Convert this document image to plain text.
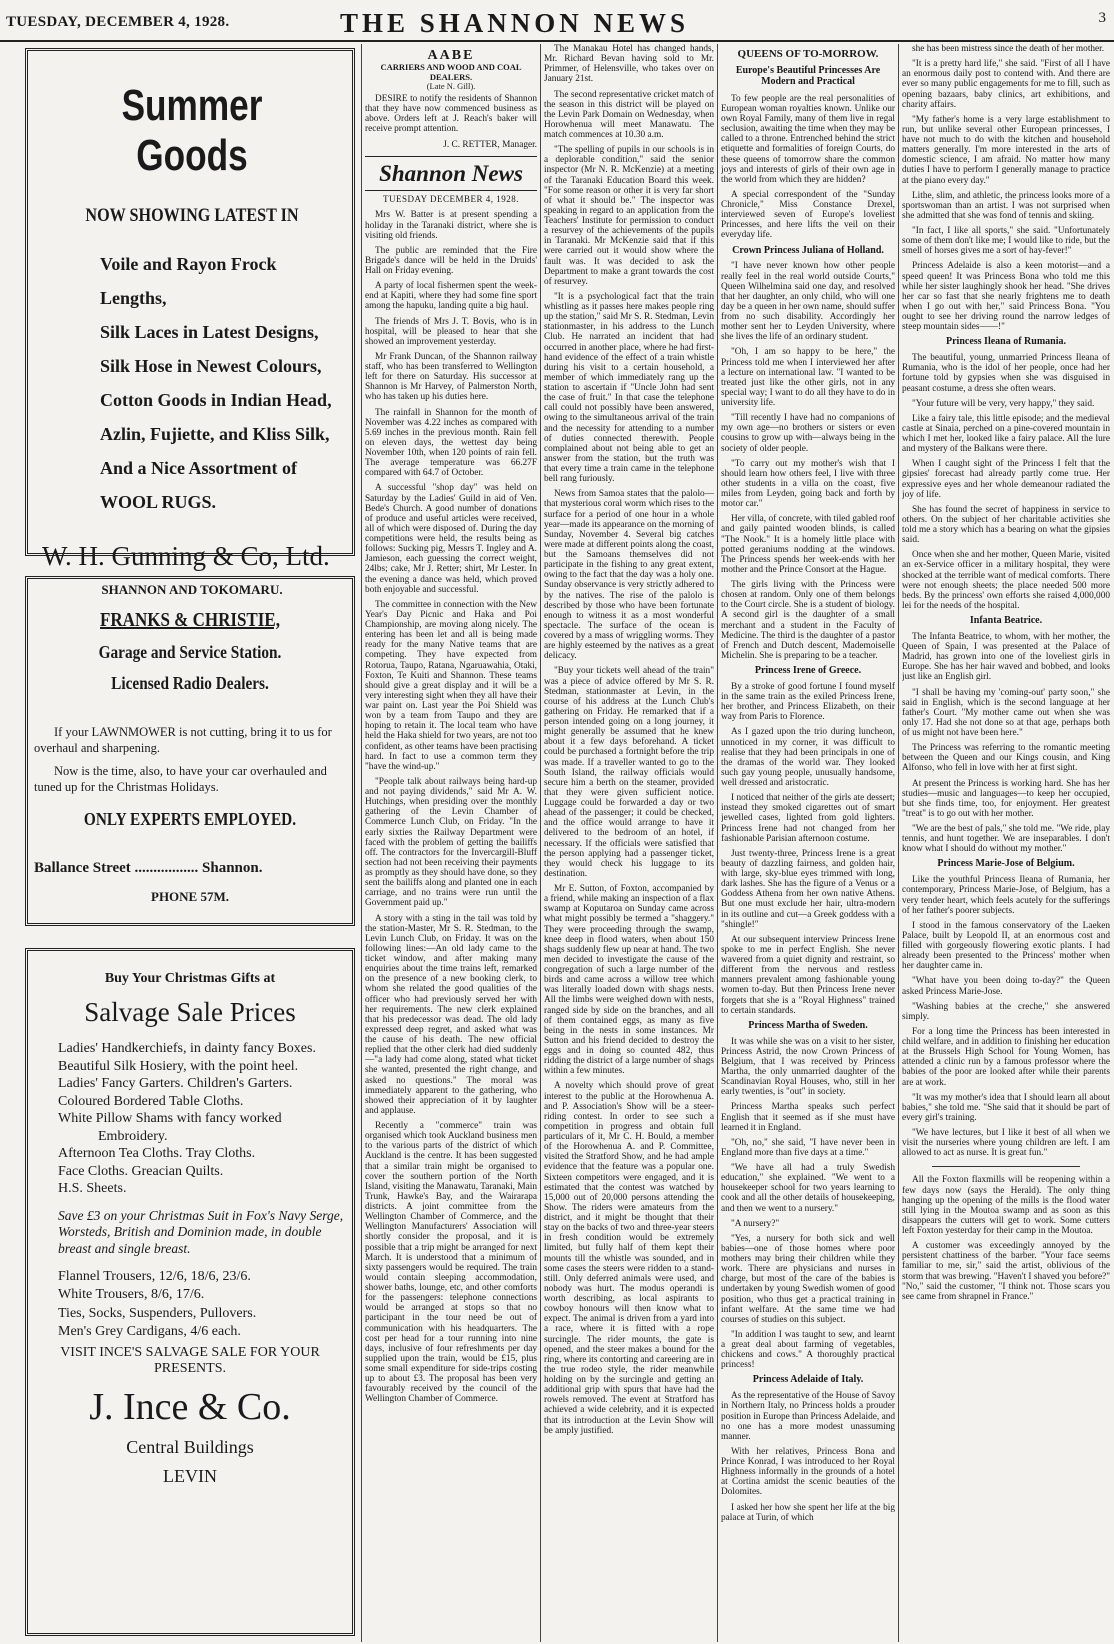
TUESDAY, DECEMBER 4, 1928.	THE SHANNON NEWS	3
Summer Goods
NOW SHOWING LATEST IN
Voile and Rayon Frock Lengths,
Silk Laces in Latest Designs,
Silk Hose in Newest Colours,
Cotton Goods in Indian Head,
Azlin, Fujiette, and Kliss Silk,
And a Nice Assortment of WOOL RUGS.
W. H. Gunning & Co, Ltd.
SHANNON AND TOKOMARU.
FRANKS & CHRISTIE,
Garage and Service Station.
Licensed Radio Dealers.
If your LAWNMOWER is not cutting, bring it to us for overhaul and sharpening.
Now is the time, also, to have your car overhauled and tuned up for the Christmas Holidays.
ONLY EXPERTS EMPLOYED.
Ballance Street ................. Shannon.
PHONE 57M.
Buy Your Christmas Gifts at
Salvage Sale Prices
Ladies' Handkerchiefs, in dainty fancy Boxes.
Beautiful Silk Hosiery, with the point heel.
Ladies' Fancy Garters. Children's Garters.
Coloured Bordered Table Cloths.
White Pillow Shams with fancy worked Embroidery.
Afternoon Tea Cloths. Tray Cloths.
Face Cloths. Greacian Quilts.
H.S. Sheets.
Save £3 on your Christmas Suit in Fox's Navy Serge, Worsteds, British and Dominion made, in double breast and single breast.
Flannel Trousers, 12/6, 18/6, 23/6.
White Trousers, 8/6, 17/6.
Ties, Socks, Suspenders, Pullovers.
Men's Grey Cardigans, 4/6 each.
VISIT INCE'S SALVAGE SALE FOR YOUR PRESENTS.
J. Ince & Co.
Central Buildings
LEVIN
AABE
CARRIERS AND WOOD AND COAL DEALERS.
(Late N. Gill).

DESIRE to notify the residents of Shannon that they have now commenced business as above. Orders left at J. Reach's baker will receive prompt attention.

J. C. RETTER, Manager.
Shannon News
TUESDAY DECEMBER 4, 1928.

Mrs W. Batter is at present spending a holiday in the Taranaki district, where she is visiting old friends.

The public are reminded that the Fire Brigade's dance will be held in the Druids' Hall on Friday evening.

A party of local fishermen spent the week-end at Kapiti, where they had some fine sport among the hapuku, landing quite a big haul.

The friends of Mrs J. T. Bovis, who is in hospital, will be pleased to hear that she showed an improvement yesterday.

Mr Frank Duncan, of the Shannon railway staff, who has been transferred to Wellington left for there on Saturday. His successor at Shannon is Mr Harvey, of Palmerston North, who has taken up his duties here.

The rainfall in Shannon for the month of November was 4.22 inches as compared with 5.69 inches in the previous month. Rain fell on eleven days, the wettest day being November 10th, when 120 points of rain fell. The average temperature was 66.27F compared with 64.7 of October.

A successful "shop day" was held on Saturday by the Ladies' Guild in aid of Ven. Bede's Church. A good number of donations of produce and useful articles were received, all of which were disposed of. During the day competitions were held, the results being as follows: Sucking pig, Messrs T. Ingley and A. Jamieson, each guessing the correct weight, 24lbs; cake, Mr J. Retter; shirt, Mr Lester. In the evening a dance was held, which proved both enjoyable and successful.

The committee in connection with the New Year's Day Picnic and Haka and Poi Championship, are moving along nicely. The entering has been let and all is being made ready for the many Native teams that are competing. They have expected from Rotorua, Taupo, Ratana, Ngaruawahia, Otaki, Foxton, Te Kuiti and Shannon. These teams should give a great display and it will be a very interesting sight when they all have their war paint on. Last year the Poi Shield was won by a team from Taupo and they are hoping to retain it. The local team who have held the Haka shield for two years, are not too confident, as other teams have been practising hard. In fact to use a common term they "have the wind-up."

"People talk about railways being hard-up and not paying dividends," said Mr A. W. Hutchings, when presiding over the monthly gathering of the Levin Chamber of Commerce Lunch Club, on Friday. "In the early sixties the Railway Department were faced with the problem of getting the bailiffs off. The contractors for the Invercargill-Bluff section had not been receiving their payments as promptly as they should have done, so they sent the bailiffs along and planted one in each carriage, and no trains were run until the Government paid up."

A story with a sting in the tail was told by the station-Master, Mr S. R. Stedman, to the Levin Lunch Club, on Friday. It was on the following lines:—An old lady came to the ticket window, and after making many enquiries about the time trains left, remarked on the presence of a new booking clerk, to whom she related the good qualities of the officer who had previously served her with her requirements. The new clerk explained that his predecessor was dead. The old lady expressed deep regret, and asked what was the cause of his death. The new official replied that the other clerk had died suddenly—"a lady had come along, stated what ticket she wanted, presented the right change, and asked no questions." The moral was immediately apparent to the gathering, who showed their appreciation of it by laughter and applause.

Recently a "commerce" train was organised which took Auckland business men to the various parts of the district of which Auckland is the centre. It has been suggested that a similar train might be organised to cover the southern portion of the North Island, visiting the Manawatu, Taranaki, Main Trunk, Hawke's Bay, and the Wairarapa districts. A joint committee from the Wellington Chamber of Commerce, and the Wellington Manufacturers' Association will shortly consider the proposal, and it is possible that a trip might be arranged for next March. It is understood that a minimum of sixty passengers would be required. The train would contain sleeping accommodation, shower baths, lounge, etc, and other comforts for the passengers: telephone connections would be arranged at stops so that no participant in the tour need be out of communication with his headquarters. The cost per head for a tour running into nine days, inclusive of four refreshments per day supplied upon the train, would be £15, plus some small expenditure for side-trips costing up to about £3. The proposal has been very favourably received by the council of the Wellington Chamber of Commerce.

The Manakau Hotel has changed hands, Mr. Richard Bevan having sold to Mr. Primmer, of Helensville, who takes over on January 21st.

The second representative cricket match of the season in this district will be played on the Levin Park Domain on Wednesday, when Horowhenua will meet Manawatu. The match commences at 10.30 a.m.

"The spelling of pupils in our schools is in a deplorable condition," said the senior inspector (Mr N. R. McKenzie) at a meeting of the Taranaki Education Board this week. "For some reason or other it is very far short of what it should be." The inspector was speaking in regard to an application from the Teachers' Institute for permission to conduct a resurvey of the achievements of the pupils in Taranaki. Mr McKenzie said that if this were carried out it would show where the fault was. It was decided to ask the Department to make a grant towards the cost of resurvey.

"It is a psychological fact that the train whistling as it passes here makes people ring up the station," said Mr S. R. Stedman, Levin stationmaster, in his address to the Lunch Club. He narrated an incident that had occurred in another place, where he had first-hand evidence of the effect of a train whistle during his visit to a certain household, a member of which immediately rang up the station to ascertain if "Uncle John had sent the case of fruit." In that case the telephone call could not possibly have been answered, owing to the simultaneous arrival of the train and the necessity for attending to a number of duties connected therewith. People complained about not being able to get an answer from the station, but the truth was that every time a train came in the telephone bell rang furiously.

News from Samoa states that the palolo—that mysterious coral worm which rises to the surface for a period of one hour in a whole year—made its appearance on the morning of Sunday, November 4. Several big catches were made at different points along the coast, but the Samoans themselves did not participate in the fishing to any great extent, owing to the fact that the day was a holy one. Sunday observance is very strictly adhered to by the natives. The rise of the palolo is described by those who have been fortunate enough to witness it as a most wonderful spectacle. The surface of the ocean is covered by a mass of wriggling worms. They are highly esteemed by the natives as a great delicacy.

"Buy your tickets well ahead of the train" was a piece of advice offered by Mr S. R. Stedman, stationmaster at Levin, in the course of his address at the Lunch Club's gathering on Friday. He remarked that if a person intended going on a long journey, it might generally be assumed that he knew about it a few days beforehand. A ticket could be purchased a fortnight before the trip was made. If a traveller wanted to go to the South Island, the railway officials would secure him a berth on the steamer, provided that they were given sufficient notice. Luggage could be forwarded a day or two ahead of the passenger; it could be checked, and the office would arrange to have it delivered to the bedroom of an hotel, if necessary. If the officials were satisfied that the person applying had a passenger ticket, they would check his luggage to its destination.

Mr E. Sutton, of Foxton, accompanied by a friend, while making an inspection of a flax swamp at Koputaroa on Sunday came across what might possibly be termed a "shaggery." They were proceeding through the swamp, knee deep in flood waters, when about 150 shags suddenly flew up near at hand. The two men decided to investigate the cause of the congregation of such a large number of the birds and came across a willow tree which was literally loaded down with shags nests. All the limbs were weighed down with nests, ranged side by side on the branches, and all of them contained eggs, as many as five being in the nests in some instances. Mr Sutton and his friend decided to destroy the eggs and in doing so counted 482, thus ridding the district of a large number of shags within a few minutes.

A novelty which should prove of great interest to the public at the Horowhenua A. and P. Association's Show will be a steer-riding contest. In order to see such a competition in progress and obtain full particulars of it, Mr C. H. Bould, a member of the Horowhenua A. and P. Committee, visited the Stratford Show, and he had ample evidence that the feature was a popular one. Sixteen competitors were engaged, and it is estimated that the contest was watched by 15,000 out of 20,000 persons attending the Show. The riders were amateurs from the district, and it might be thought that their stay on the backs of two and three-year steers in fresh condition would be extremely limited, but fully half of them kept their mounts till the whistle was sounded, and in some cases the steers were ridden to a stand-still. Only deferred animals were used, and nobody was hurt. The modus operandi is worth describing, as local aspirants to cowboy honours will then know what to expect. The animal is driven from a yard into a race, where it is fitted with a rope surcingle. The rider mounts, the gate is opened, and the steer makes a bound for the ring, where its contorting and careering are in the true rodeo style, the rider meanwhile holding on by the surcingle and getting an additional grip with spurs that have had the rowels removed. The event at Stratford has achieved a wide celebrity, and it is expected that its introduction at the Levin Show will be amply justified.

QUEENS OF TO-MORROW.
Europe's Beautiful Princesses Are Modern and Practical

To few people are the real personalities of European woman royalties known. Unlike our own Royal Family, many of them live in regal seclusion, awaiting the time when they may be called to a throne. Entrenched behind the strict etiquette and formalities of foreign Courts, do these queens of tomorrow share the common joys and interests of girls of their own age in the world from which they are hidden?

A special correspondent of the "Sunday Chronicle," Miss Constance Drexel, interviewed seven of Europe's loveliest Princesses, and here lifts the veil on their everyday life.

Crown Princess Juliana of Holland.

"I have never known how other people really feel in the real world outside Courts," Queen Wilhelmina said one day, and resolved that her daughter, an only child, who will one day be a queen in her own name, should suffer from no such disability. Accordingly her mother sent her to Leyden University, where she lives the life of an ordinary student.

"Oh, I am so happy to be here," the Princess told me when I interviewed her after a lecture on international law. "I wanted to be treated just like the other girls, not in any special way; I want to do all they have to do in university life.

"Till recently I have had no companions of my own age—no brothers or sisters or even cousins to grow up with—always being in the society of older people.

"To carry out my mother's wish that I should learn how others feel, I live with three other students in a villa on the coast, five miles from Leyden, going back and forth by motor car."

Her villa, of concrete, with tiled gabled roof and gaily painted wooden blinds, is called "The Nook." It is a homely little place with potted geraniums nodding at the windows. The Princess spends her week-ends with her mother and the Prince Consort at the Hague.

The girls living with the Princess were chosen at random. Only one of them belongs to the Court circle. She is a student of biology. A second girl is the daughter of a small merchant and a student in the Faculty of Medicine. The third is the daughter of a pastor of French and Dutch descent, Mademoiselle Michelin. She is preparing to be a teacher.

Princess Irene of Greece.

By a stroke of good fortune I found myself in the same train as the exiled Princess Irene, her brother, and Princess Elizabeth, on their way from Paris to Florence.

As I gazed upon the trio during luncheon, unnoticed in my corner, it was difficult to realise that they had been principals in one of the dramas of the world war. They looked such gay young people, unusually handsome, well dressed and aristocratic.

I noticed that neither of the girls ate dessert; instead they smoked cigarettes out of smart jewelled cases, lighted from gold lighters. Princess Irene had not changed from her fashionable Parisian afternoon costume.

Just twenty-three, Princess Irene is a great beauty of dazzling fairness, and golden hair, with large, sky-blue eyes trimmed with long, dark lashes. She has the figure of a Venus or a Goddess Athena from her own native Athens. But one must exclude her hair, ultra-modern in its outline and cut—a Greek goddess with a "shingle!"

At our subsequent interview Princess Irene spoke to me in perfect English. She never wavered from a quiet dignity and restraint, so different from the nervous and restless manners prevalent among fashionable young women to-day. But then Princess Irene never forgets that she is a "Royal Highness" trained to certain standards.

Princess Martha of Sweden.

It was while she was on a visit to her sister, Princess Astrid, the now Crown Princess of Belgium, that I was received by Princess Martha, the only unmarried daughter of the Scandinavian Royal Houses, who, still in her early twenties, is "out" in society.

Princess Martha speaks such perfect English that it seemed as if she must have learned it in England.

"Oh, no," she said, "I have never been in England more than five days at a time."

"We have all had a truly Swedish education," she explained. "We went to a housekeeper school for two years learning to cook and all the other details of housekeeping, and then we went to a nursery."

"A nursery?"

"Yes, a nursery for both sick and well babies—one of those homes where poor mothers may bring their children while they work. There are physicians and nurses in charge, but most of the care of the babies is undertaken by young Swedish women of good position, who thus get a practical training in infant welfare. At the same time we had courses of studies on this subject.

"In addition I was taught to sew, and learnt a great deal about farming of vegetables, chickens and cows." A thoroughly practical princess!

Princess Adelaide of Italy.

As the representative of the House of Savoy in Northern Italy, no Princess holds a prouder position in Europe than Princess Adelaide, and no one has a more modest unassuming manner.

With her relatives, Princess Bona and Prince Konrad, I was introduced to her Royal Highness informally in the grounds of a hotel at Cortina amidst the scenic beauties of the Dolomites.

I asked her how she spent her life at the big palace at Turin, of which

she has been mistress since the death of her mother.

"It is a pretty hard life," she said. "First of all I have an enormous daily post to contend with. And there are ever so many public engagements for me to fill, such as opening bazaars, baby clinics, art exhibitions, and charity affairs.

"My father's home is a very large establishment to run, but unlike several other European princesses, I have not much to do with the kitchen and household matters generally. I'm more interested in the arts of domestic science, I am afraid. No matter how many duties I have to perform I generally manage to practice at the piano every day."

Lithe, slim, and athletic, the princess looks more of a sportswoman than an artist. I was not surprised when she admitted that she was fond of tennis and skiing.

"In fact, I like all sports," she said. "Unfortunately some of them don't like me; I would like to ride, but the smell of horses gives me a sort of hay-fever!"

Princess Adelaide is also a keen motorist—and a speed queen! It was Princess Bona who told me this while her sister laughingly shook her head. "She drives her car so fast that she nearly frightens me to death when I go out with her," said Princess Bona. "You ought to see her driving round the narrow ledges of steep mountain sides——!"

Princess Ileana of Rumania.

The beautiful, young, unmarried Princess Ileana of Rumania, who is the idol of her people, once had her fortune told by gypsies when she was disguised in peasant costume, a dress she often wears.

"Your future will be very, very happy," they said.

Like a fairy tale, this little episode; and the medieval castle at Sinaia, perched on a pine-covered mountain in which I met her, looked like a fairy palace. All the lure and mystery of the Balkans were there.

When I caught sight of the Princess I felt that the gipsies' forecast had already partly come true. Her expressive eyes and her whole demeanour radiated the joy of life.

She has found the secret of happiness in service to others. On the subject of her charitable activities she told me a story which has a bearing on what the gipsies said.

Once when she and her mother, Queen Marie, visited an ex-Service officer in a military hospital, they were shocked at the terrible want of medical comforts. There were not enough sheets; the place needed 500 more beds. By the princess' own efforts she raised 4,000,000 lei for the needs of the hospital.

Infanta Beatrice.

The Infanta Beatrice, to whom, with her mother, the Queen of Spain, I was presented at the Palace of Madrid, has grown into one of the loveliest girls in Europe. She has her hair waved and bobbed, and looks just like an English girl.

"I shall be having my 'coming-out' party soon," she said in English, which is the second language at her father's Court. "My mother came out when she was only 17. Had she not done so at that age, perhaps both of us might not have been here."

The Princess was referring to the romantic meeting between the Queen and our Kings cousin, and King Alfonso, who fell in love with her at first sight.

At present the Princess is working hard. She has her studies—music and languages—to keep her occupied, but she finds time, too, for enjoyment. Her greatest "treat" is to go out with her mother.

"We are the best of pals," she told me. "We ride, play tennis, and hunt together. We are inseparables. I don't know what I should do without my mother."

Princess Marie-Jose of Belgium.

Like the youthful Princess Ileana of Rumania, her contemporary, Princess Marie-Jose, of Belgium, has a very tender heart, which feels acutely for the sufferings of her father's poorer subjects.

I stood in the famous conservatory of the Laeken Palace, built by Leopold II, at an enormous cost and filled with gorgeously flowering exotic plants. I had already been presented to the Princess' mother when her daughter came in.

"What have you been doing to-day?" the Queen asked Princess Marie-Jose.

"Washing babies at the creche," she answered simply.

For a long time the Princess has been interested in child welfare, and in addition to finishing her education at the Brussels High School for Young Women, has attended a clinic run by a famous professor where the babies of the poor are looked after while their parents are at work.

"It was my mother's idea that I should learn all about babies," she told me. "She said that it should be part of every girl's training.

"We have lectures, but I like it best of all when we visit the nurseries where young children are left. I am allowed to act as nurse. It is great fun."

All the Foxton flaxmills will be reopening within a few days now (says the Herald). The only thing hanging up the opening of the mills is the flood water still lying in the Moutoa swamp and as soon as this disappears the cutters will get to work. Some cutters left Foxton yesterday for their camp in the Moutoa.

A customer was exceedingly annoyed by the persistent chattiness of the barber. "Your face seems familiar to me, sir," said the artist, oblivious of the storm that was brewing. "Haven't I shaved you before?" "No," said the customer, "I think not. Those scars you see came from shrapnel in France."
